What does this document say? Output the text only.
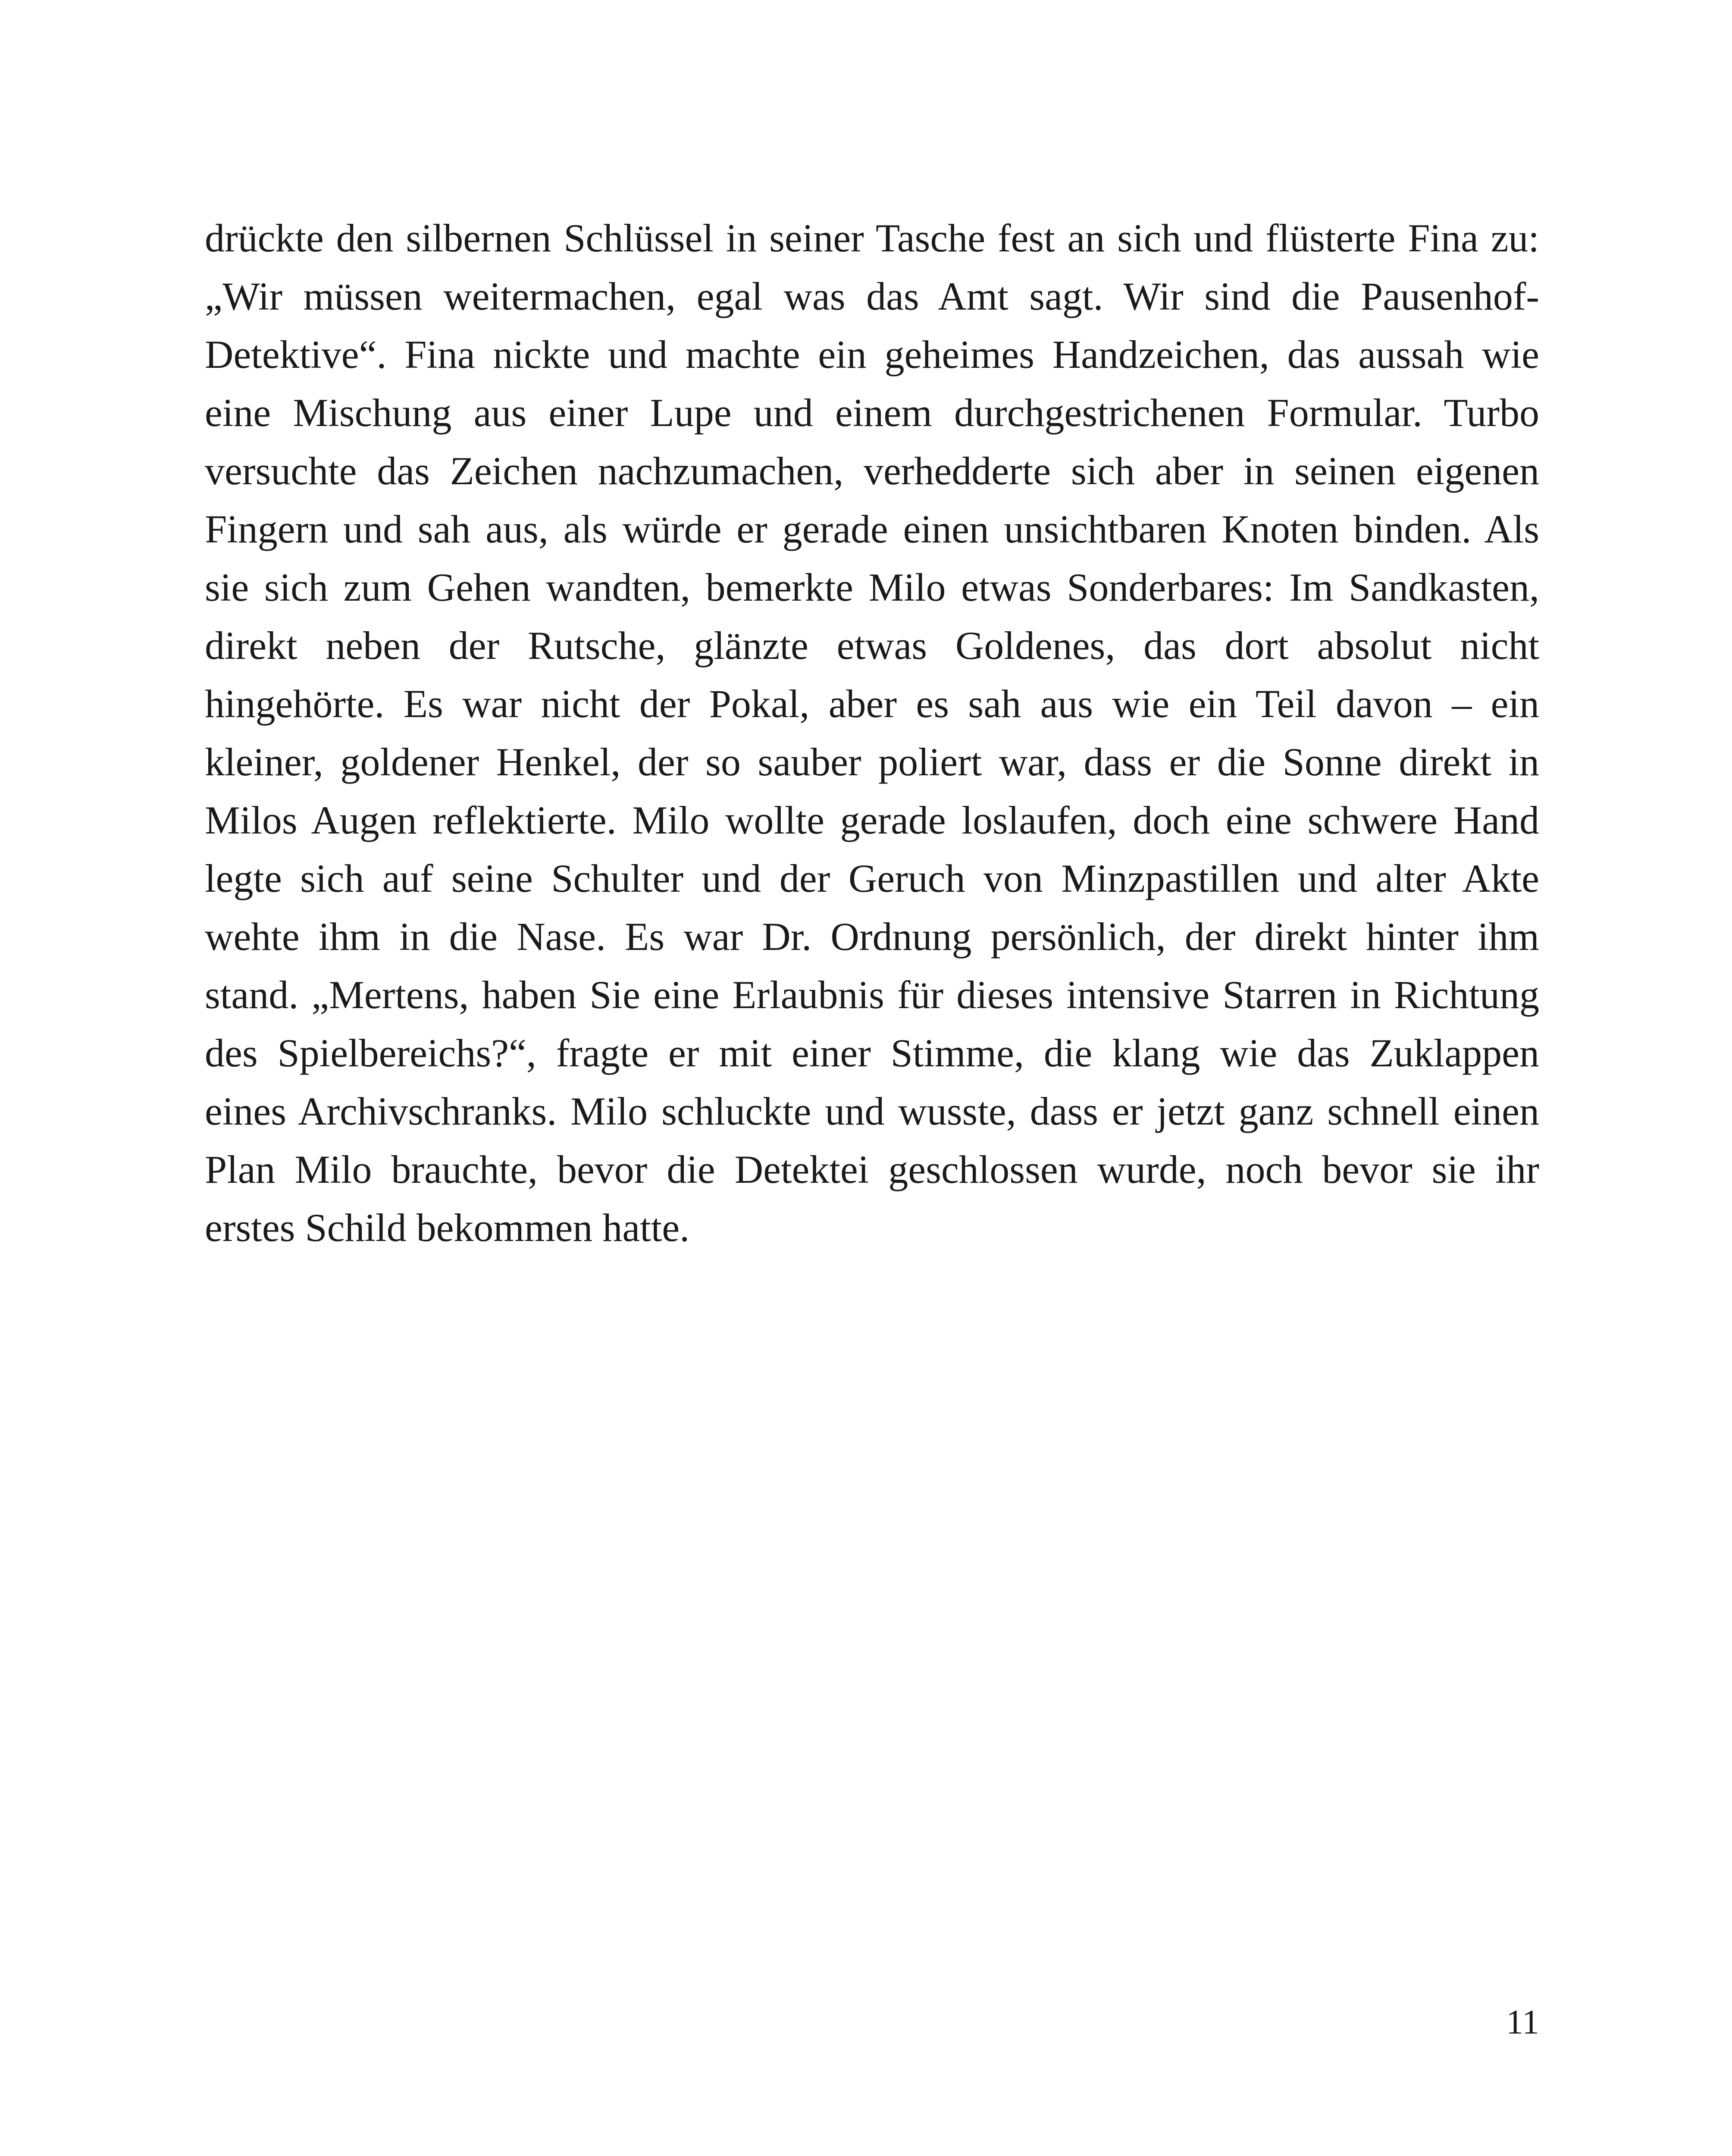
drückte den silbernen Schlüssel in seiner Tasche fest an sich und flüsterte Fina zu:
„Wir müssen weitermachen, egal was das Amt sagt. Wir sind die Pausenhof-
Detektive“. Fina nickte und machte ein geheimes Handzeichen, das aussah wie
eine Mischung aus einer Lupe und einem durchgestrichenen Formular. Turbo
versuchte das Zeichen nachzumachen, verhedderte sich aber in seinen eigenen
Fingern und sah aus, als würde er gerade einen unsichtbaren Knoten binden. Als
sie sich zum Gehen wandten, bemerkte Milo etwas Sonderbares: Im Sandkasten,
direkt neben der Rutsche, glänzte etwas Goldenes, das dort absolut nicht
hingehörte. Es war nicht der Pokal, aber es sah aus wie ein Teil davon – ein
kleiner, goldener Henkel, der so sauber poliert war, dass er die Sonne direkt in
Milos Augen reflektierte. Milo wollte gerade loslaufen, doch eine schwere Hand
legte sich auf seine Schulter und der Geruch von Minzpastillen und alter Akte
wehte ihm in die Nase. Es war Dr. Ordnung persönlich, der direkt hinter ihm
stand. „Mertens, haben Sie eine Erlaubnis für dieses intensive Starren in Richtung
des Spielbereichs?“, fragte er mit einer Stimme, die klang wie das Zuklappen
eines Archivschranks. Milo schluckte und wusste, dass er jetzt ganz schnell einen
Plan Milo brauchte, bevor die Detektei geschlossen wurde, noch bevor sie ihr
erstes Schild bekommen hatte.
11
